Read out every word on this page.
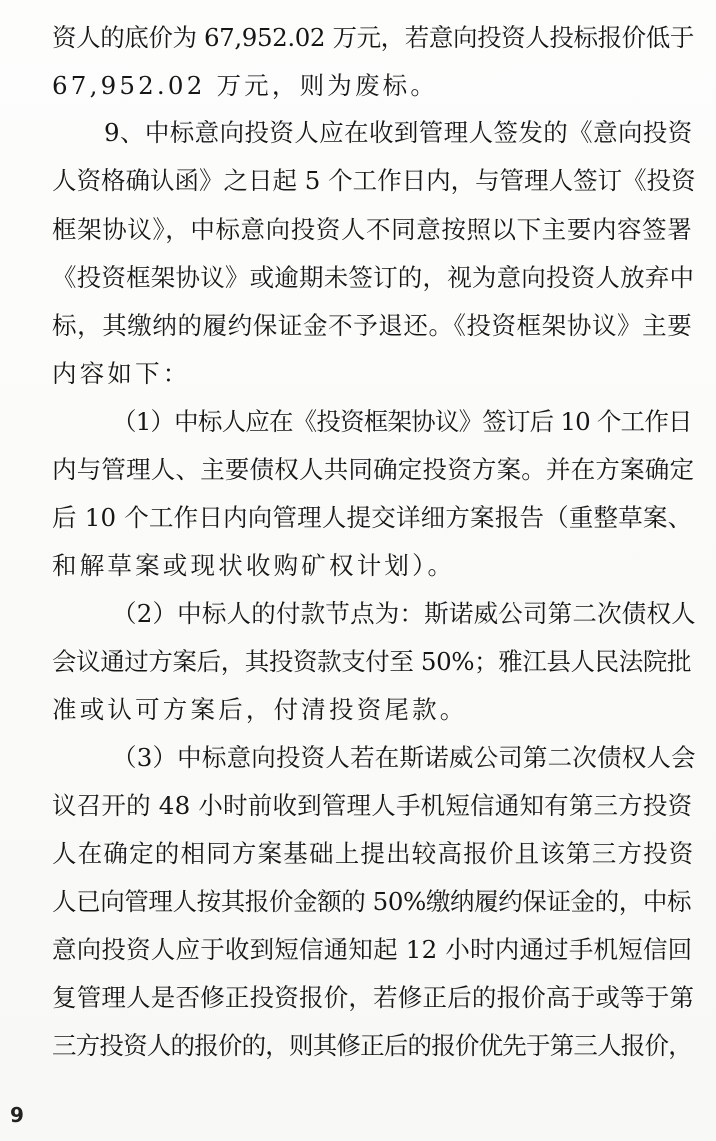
资人的底价为 67,952.02 万元，若意向投资人投标报价低于
67,952.02 万元，则为废标。
9、中标意向投资人应在收到管理人签发的《意向投资
人资格确认函》之日起 5 个工作日内，与管理人签订《投资
框架协议》，中标意向投资人不同意按照以下主要内容签署
《投资框架协议》或逾期未签订的，视为意向投资人放弃中
标，其缴纳的履约保证金不予退还。《投资框架协议》主要
内容如下：
（1）中标人应在《投资框架协议》签订后 10 个工作日
内与管理人、主要债权人共同确定投资方案。并在方案确定
后 10 个工作日内向管理人提交详细方案报告（重整草案、
和解草案或现状收购矿权计划）。
（2）中标人的付款节点为：斯诺威公司第二次债权人
会议通过方案后，其投资款支付至 50%；雅江县人民法院批
准或认可方案后，付清投资尾款。
（3）中标意向投资人若在斯诺威公司第二次债权人会
议召开的 48 小时前收到管理人手机短信通知有第三方投资
人在确定的相同方案基础上提出较高报价且该第三方投资
人已向管理人按其报价金额的 50%缴纳履约保证金的，中标
意向投资人应于收到短信通知起 12 小时内通过手机短信回
复管理人是否修正投资报价，若修正后的报价高于或等于第
三方投资人的报价的，则其修正后的报价优先于第三人报价，
9
